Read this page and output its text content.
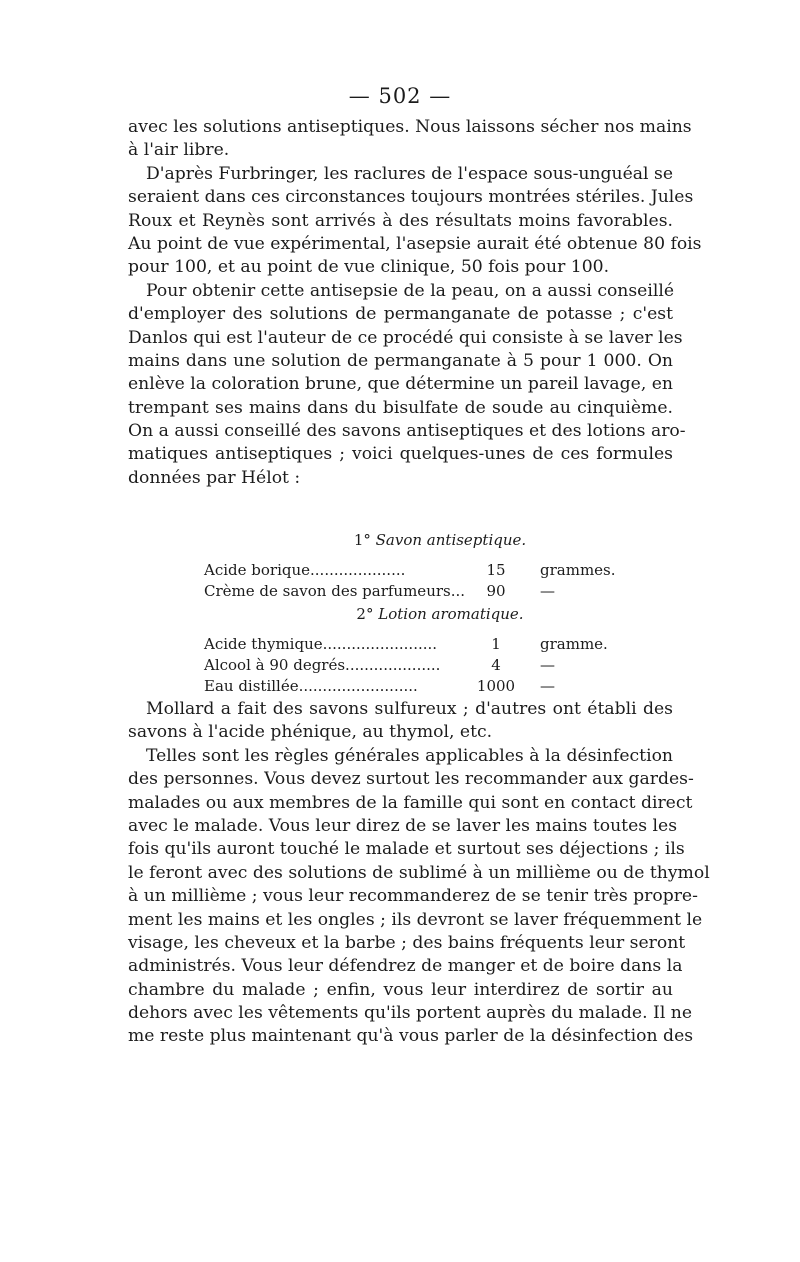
— 502 —
avec les solutions antiseptiques. Nous laissons sécher nos mains
à l'air libre.
D'après Furbringer, les raclures de l'espace sous-unguéal se
seraient dans ces circonstances toujours montrées stériles. Jules
Roux et Reynès sont arrivés à des résultats moins favorables.
Au point de vue expérimental, l'asepsie aurait été obtenue 80 fois
pour 100, et au point de vue clinique, 50 fois pour 100.
Pour obtenir cette antisepsie de la peau, on a aussi conseillé
d'employer des solutions de permanganate de potasse ; c'est
Danlos qui est l'auteur de ce procédé qui consiste à se laver les
mains dans une solution de permanganate à 5 pour 1 000. On
enlève la coloration brune, que détermine un pareil lavage, en
trempant ses mains dans du bisulfate de soude au cinquième.
On a aussi conseillé des savons antiseptiques et des lotions aro-
matiques antiseptiques ; voici quelques-unes de ces formules
données par Hélot :
1° Savon antiseptique.
Acide borique....................	15	grammes.
Crème de savon des parfumeurs...	90	—
2° Lotion aromatique.
Acide thymique........................	1	gramme.
Alcool à 90 degrés....................	4	—
Eau distillée.........................	1000	—
Mollard a fait des savons sulfureux ; d'autres ont établi des
savons à l'acide phénique, au thymol, etc.
Telles sont les règles générales applicables à la désinfection
des personnes. Vous devez surtout les recommander aux gardes-
malades ou aux membres de la famille qui sont en contact direct
avec le malade. Vous leur direz de se laver les mains toutes les
fois qu'ils auront touché le malade et surtout ses déjections ; ils
le feront avec des solutions de sublimé à un millième ou de thymol
à un millième ; vous leur recommanderez de se tenir très propre-
ment les mains et les ongles ; ils devront se laver fréquemment le
visage, les cheveux et la barbe ; des bains fréquents leur seront
administrés. Vous leur défendrez de manger et de boire dans la
chambre du malade ; enfin, vous leur interdirez de sortir au
dehors avec les vêtements qu'ils portent auprès du malade. Il ne
me reste plus maintenant qu'à vous parler de la désinfection des
